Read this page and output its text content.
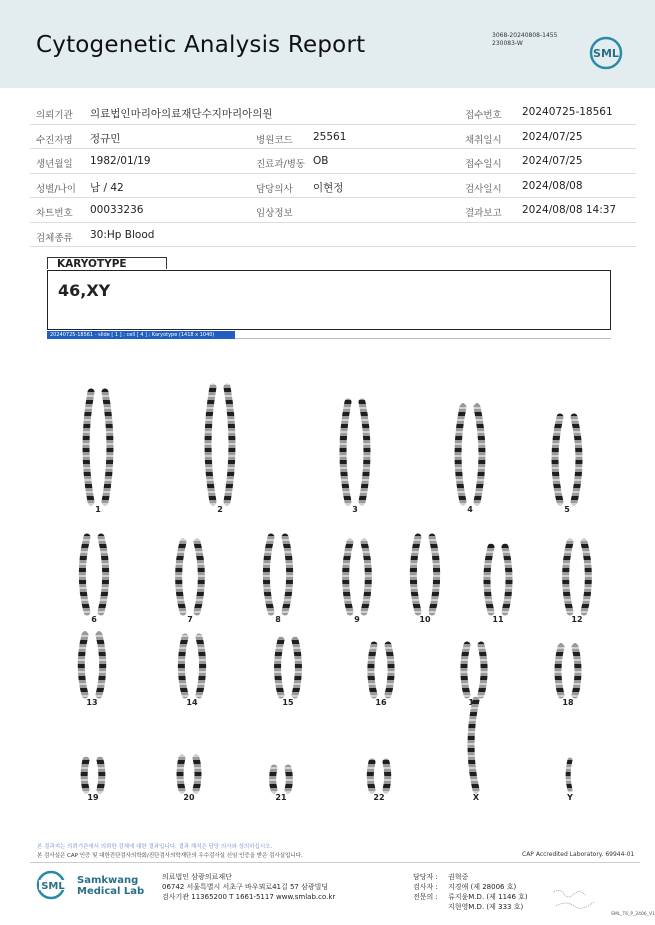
Cytogenetic Analysis Report	3068-20240808-1455
230083-W
SML
의뢰기관 의료법인마리아의료재단수지마리아의원	접수번호 20240725-18561
수진자명 정규민	병원코드 25561	채취일시 2024/07/25
생년월일 1982/01/19	진료과/병동 OB	접수일시 2024/07/25
성별/나이 남 / 42	담당의사 이현정	검사일시 2024/08/08
차트번호 00033236	임상정보	결과보고 2024/08/08 14:37
검체종류 30:Hp Blood
KARYOTYPE
46,XY
20240725-18561 - slide [ 1 ] ; cell [ 4 ] ; Karyotype (1418 x 1040)
1	2	3	4	5
6	7	8	9	10	11	12
13	14	15	16	17	18
19	20	21	22	X	Y
본 결과지는 의뢰기관에서 의뢰한 검체에 대한 결과입니다. 결과 해석은 담당 의사와 상의하십시오.
본 검사실은 CAP 인증 및 대한진단검사의학회/진단검사의학재단의 우수검사실 신임 인증을 받은 검사실입니다.	CAP Accredited Laboratory. 69944-01
SML
Samkwang
Medical Lab
의료법인 삼광의료재단
06742 서울특별시 서초구 바우뫼로41길 57 삼광빌딩
검사기관 11365200 T 1661-5117 www.smlab.co.kr
담당자 : 권혁중
검사자 : 지경애 (제 28006 호)
전문의 : 류지윤M.D. (제 1146 호)
지현영M.D. (제 333 호)
SML_T6_P_2406_V1
